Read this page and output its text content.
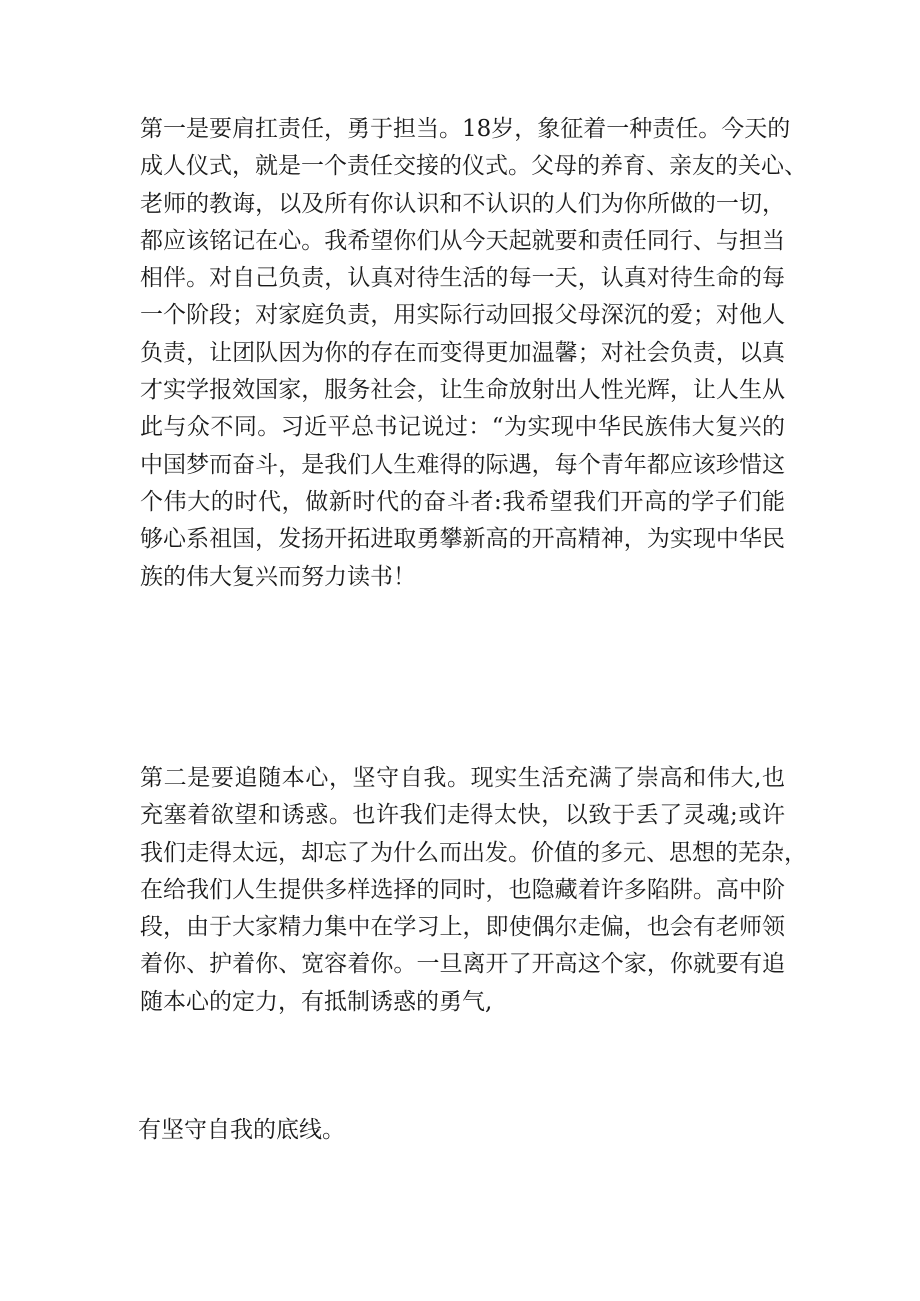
第一是要肩扛责任，勇于担当。18岁，象征着一种责任。今天的
成人仪式，就是一个责任交接的仪式。父母的养育、亲友的关心、
老师的教诲，以及所有你认识和不认识的人们为你所做的一切，
都应该铭记在心。我希望你们从今天起就要和责任同行、与担当
相伴。对自己负责，认真对待生活的每一天，认真对待生命的每
一个阶段；对家庭负责，用实际行动回报父母深沉的爱；对他人
负责，让团队因为你的存在而变得更加温馨；对社会负责，以真
才实学报效国家，服务社会，让生命放射出人性光辉，让人生从
此与众不同。习近平总书记说过：“为实现中华民族伟大复兴的
中国梦而奋斗，是我们人生难得的际遇，每个青年都应该珍惜这
个伟大的时代，做新时代的奋斗者:我希望我们开高的学子们能
够心系祖国，发扬开拓进取勇攀新高的开高精神，为实现中华民
族的伟大复兴而努力读书！
第二是要追随本心，坚守自我。现实生活充满了崇高和伟大,也
充塞着欲望和诱惑。也许我们走得太快，以致于丢了灵魂;或许
我们走得太远，却忘了为什么而出发。价值的多元、思想的芜杂，
在给我们人生提供多样选择的同时，也隐藏着许多陷阱。高中阶
段，由于大家精力集中在学习上，即使偶尔走偏，也会有老师领
着你、护着你、宽容着你。一旦离开了开高这个家，你就要有追
随本心的定力，有抵制诱惑的勇气,

有坚守自我的底线。
